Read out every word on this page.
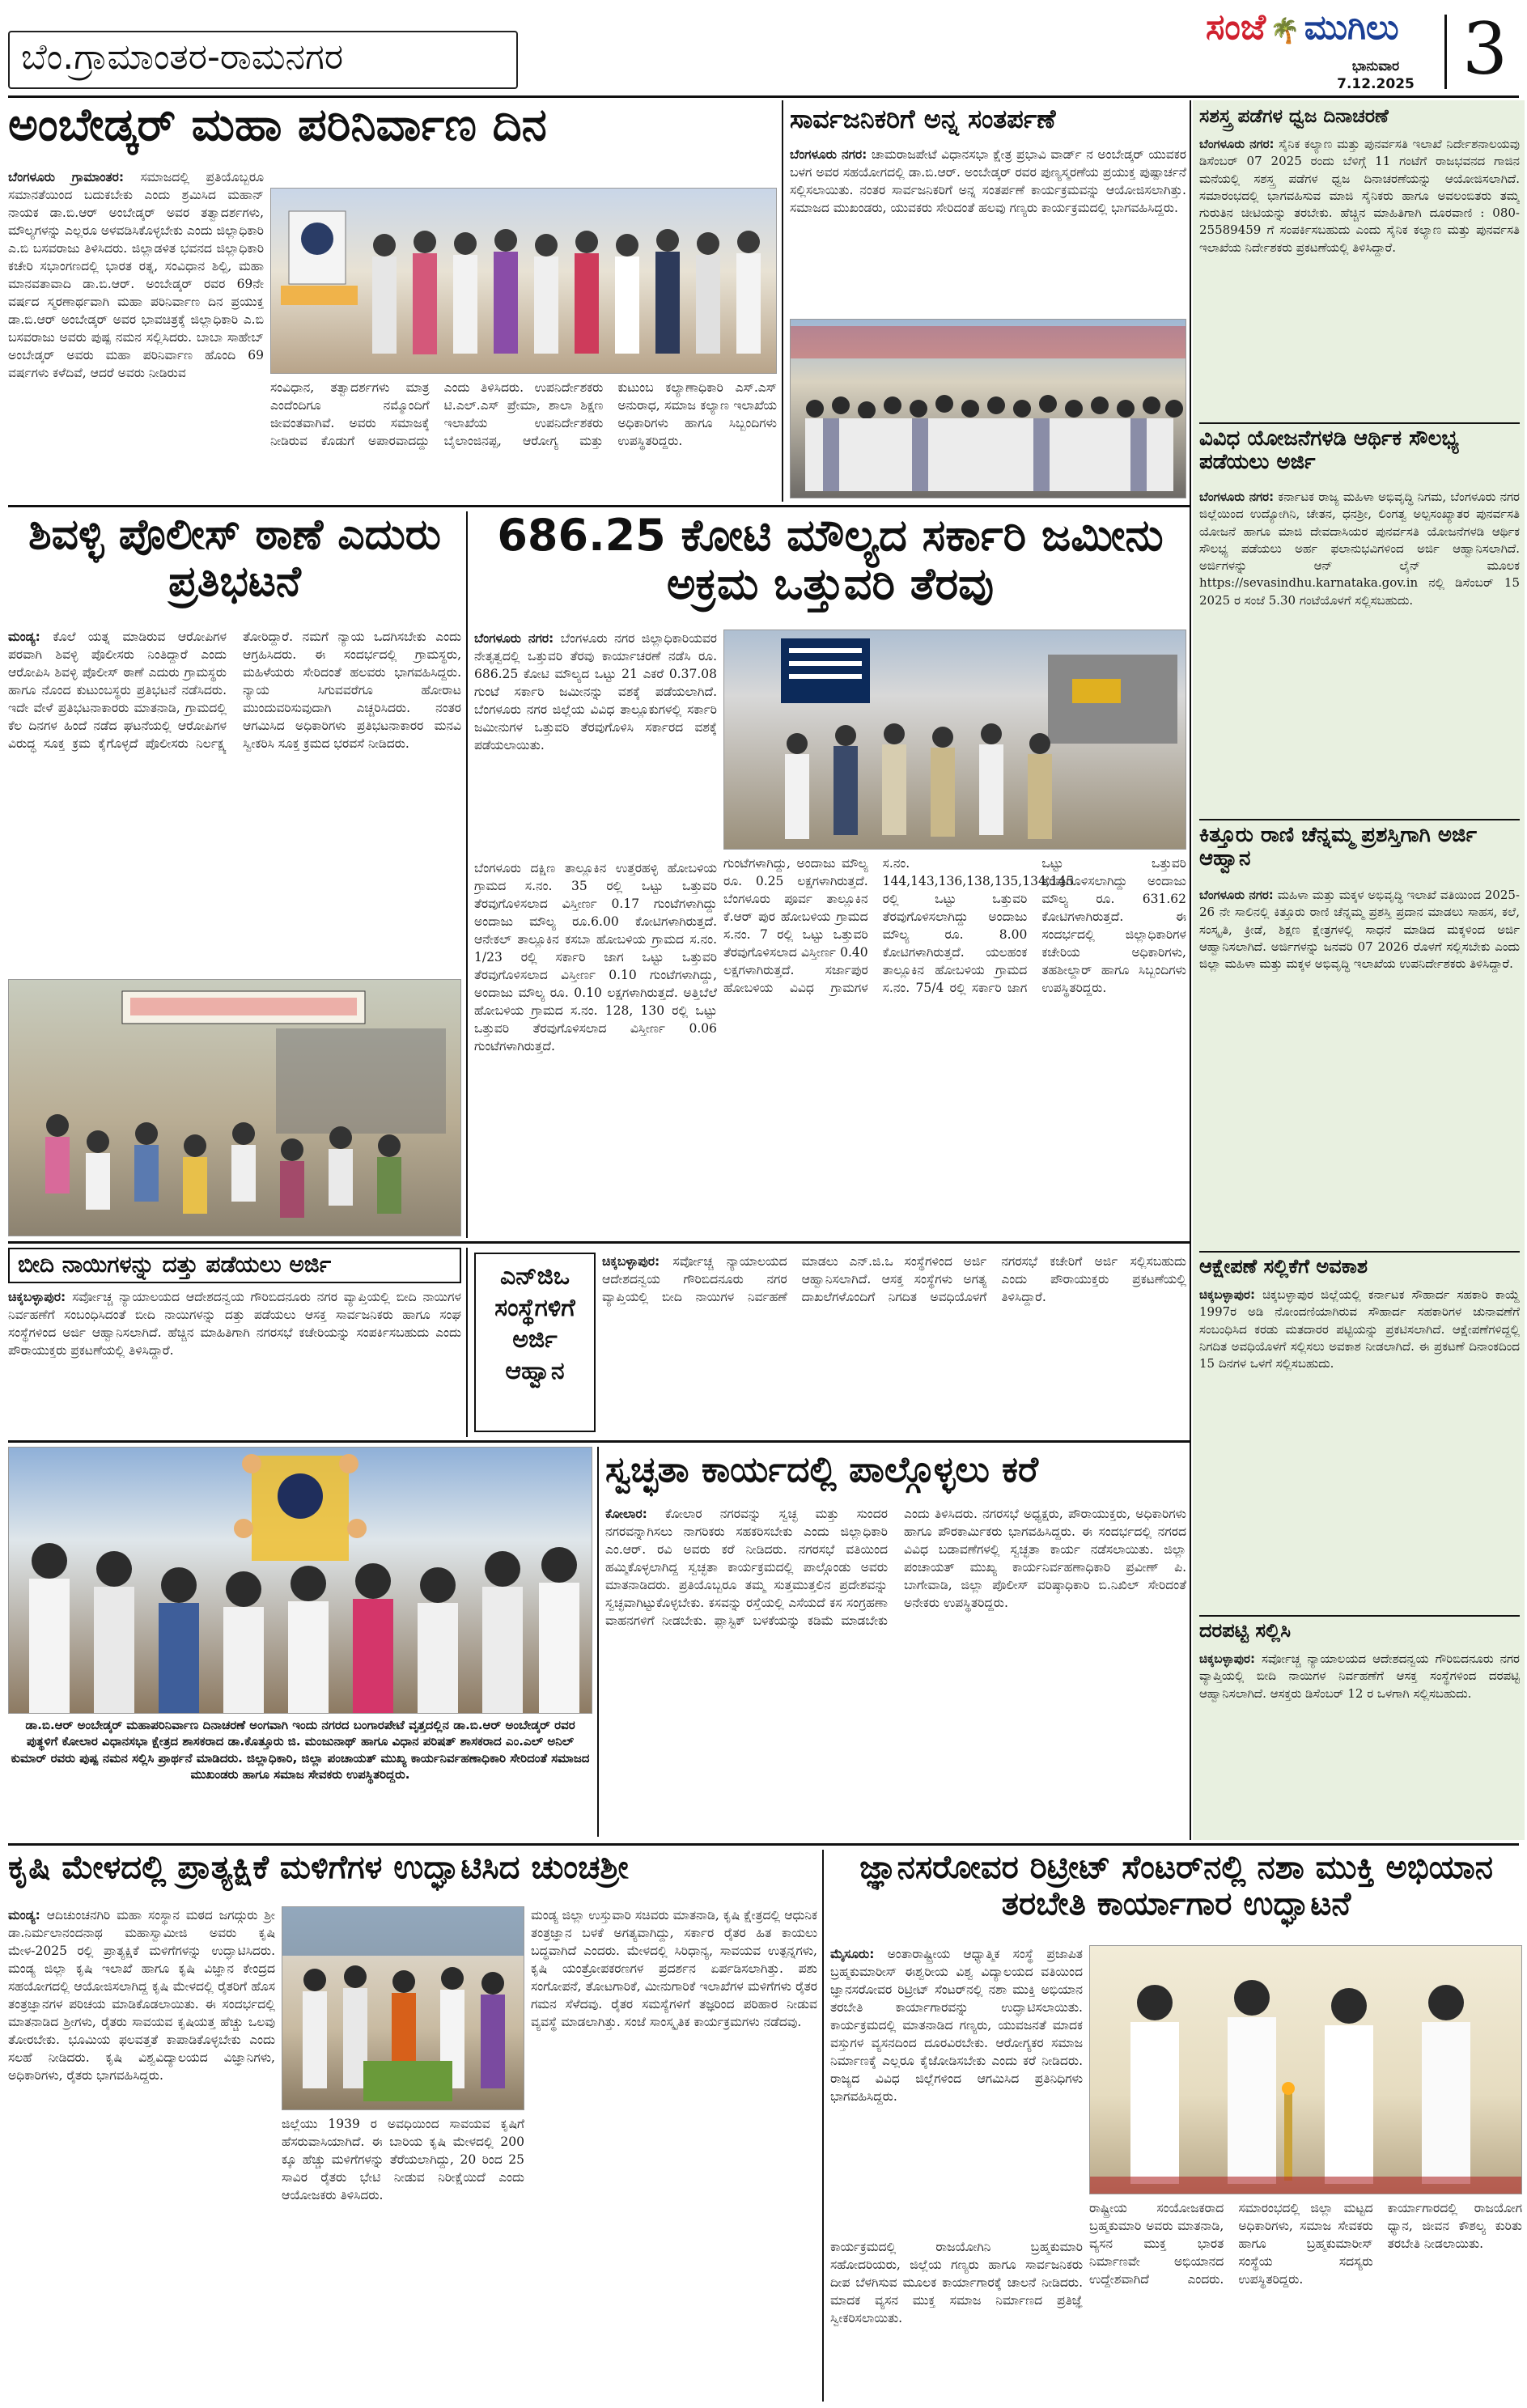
ಬೆಂ.ಗ್ರಾಮಾಂತರ-ರಾಮನಗರ
ಸಂಜೆ 🌴 ಮುಗಿಲು
ಭಾನುವಾರ
7.12.2025 3
ಅಂಬೇಡ್ಕರ್ ಮಹಾ ಪರಿನಿರ್ವಾಣ ದಿನ

ಬೆಂಗಳೂರು ಗ್ರಾಮಾಂತರ: ಸಮಾಜದಲ್ಲಿ ಪ್ರತಿಯೊಬ್ಬರೂ ಸಮಾನತೆಯಿಂದ ಬದುಕಬೇಕು ಎಂದು ಶ್ರಮಿಸಿದ ಮಹಾನ್ ನಾಯಕ ಡಾ.ಬಿ.ಆರ್ ಅಂಬೇಡ್ಕರ್ ಅವರ ತತ್ವಾದರ್ಶಗಳು, ಮೌಲ್ಯಗಳನ್ನು ಎಲ್ಲರೂ ಅಳವಡಿಸಿಕೊಳ್ಳಬೇಕು ಎಂದು ಜಿಲ್ಲಾಧಿಕಾರಿ ಎ.ಬಿ ಬಸವರಾಜು ತಿಳಿಸಿದರು. ಜಿಲ್ಲಾಡಳಿತ ಭವನದ ಜಿಲ್ಲಾಧಿಕಾರಿ ಕಚೇರಿ ಸಭಾಂಗಣದಲ್ಲಿ ಭಾರತ ರತ್ನ, ಸಂವಿಧಾನ ಶಿಲ್ಪಿ, ಮಹಾ ಮಾನವತಾವಾದಿ ಡಾ.ಬಿ.ಆರ್. ಅಂಬೇಡ್ಕರ್ ರವರ 69ನೇ ವರ್ಷದ ಸ್ಮರಣಾರ್ಥವಾಗಿ ಮಹಾ ಪರಿನಿರ್ವಾಣ ದಿನ ಪ್ರಯುಕ್ತ ಡಾ.ಬಿ.ಆರ್ ಅಂಬೇಡ್ಕರ್ ಅವರ ಭಾವಚಿತ್ರಕ್ಕೆ ಜಿಲ್ಲಾಧಿಕಾರಿ ಎ.ಬಿ ಬಸವರಾಜು ಅವರು ಪುಷ್ಪ ನಮನ ಸಲ್ಲಿಸಿದರು. ಬಾಬಾ ಸಾಹೇಬ್ ಅಂಬೇಡ್ಕರ್ ಅವರು ಮಹಾ ಪರಿನಿರ್ವಾಣ ಹೊಂದಿ 69 ವರ್ಷಗಳು ಕಳೆದಿವೆ, ಆದರೆ ಅವರು ನೀಡಿರುವ

ಸಂವಿಧಾನ, ತತ್ವಾದರ್ಶಗಳು ಮಾತ್ರ ಎಂದೆಂದಿಗೂ ನಮ್ಮೊಂದಿಗೆ ಜೀವಂತವಾಗಿವೆ. ಅವರು ಸಮಾಜಕ್ಕೆ ನೀಡಿರುವ ಕೊಡುಗೆ ಅಪಾರವಾದದ್ದು ಎಂದು ತಿಳಿಸಿದರು. ಉಪನಿರ್ದೇಶಕರು ಟಿ.ಎಲ್.ಎಸ್ ಪ್ರೇಮಾ, ಶಾಲಾ ಶಿಕ್ಷಣ ಇಲಾಖೆಯ ಉಪನಿರ್ದೇಶಕರು ಬೈಲಾಂಜಿನಪ್ಪ, ಆರೋಗ್ಯ ಮತ್ತು ಕುಟುಂಬ ಕಲ್ಯಾಣಾಧಿಕಾರಿ ಎಸ್.ಎಸ್ ಅನುರಾಧ, ಸಮಾಜ ಕಲ್ಯಾಣ ಇಲಾಖೆಯ ಅಧಿಕಾರಿಗಳು ಹಾಗೂ ಸಿಬ್ಬಂದಿಗಳು ಉಪಸ್ಥಿತರಿದ್ದರು.
ಸಾರ್ವಜನಿಕರಿಗೆ ಅನ್ನ ಸಂತರ್ಪಣೆ

ಬೆಂಗಳೂರು ನಗರ: ಚಾಮರಾಜಪೇಟೆ ವಿಧಾನಸಭಾ ಕ್ಷೇತ್ರ ಪ್ರಭಾವಿ ವಾರ್ಡ್ ನ ಅಂಬೇಡ್ಕರ್ ಯುವಕರ ಬಳಗ ಅವರ ಸಹಯೋಗದಲ್ಲಿ ಡಾ.ಬಿ.ಆರ್. ಅಂಬೇಡ್ಕರ್ ರವರ ಪುಣ್ಯಸ್ಮರಣೆಯ ಪ್ರಯುಕ್ತ ಪುಷ್ಪಾರ್ಚನೆ ಸಲ್ಲಿಸಲಾಯಿತು. ನಂತರ ಸಾರ್ವಜನಿಕರಿಗೆ ಅನ್ನ ಸಂತರ್ಪಣೆ ಕಾರ್ಯಕ್ರಮವನ್ನು ಆಯೋಜಿಸಲಾಗಿತ್ತು. ಸಮಾಜದ ಮುಖಂಡರು, ಯುವಕರು ಸೇರಿದಂತೆ ಹಲವು ಗಣ್ಯರು ಕಾರ್ಯಕ್ರಮದಲ್ಲಿ ಭಾಗವಹಿಸಿದ್ದರು.

ಸಶಸ್ತ್ರ ಪಡೆಗಳ ಧ್ವಜ ದಿನಾಚರಣೆ

ಬೆಂಗಳೂರು ನಗರ: ಸೈನಿಕ ಕಲ್ಯಾಣ ಮತ್ತು ಪುನರ್ವಸತಿ ಇಲಾಖೆ ನಿರ್ದೇಶನಾಲಯವು ಡಿಸೆಂಬರ್ 07 2025 ರಂದು ಬೆಳಿಗ್ಗೆ 11 ಗಂಟೆಗೆ ರಾಜಭವನದ ಗಾಜಿನ ಮನೆಯಲ್ಲಿ ಸಶಸ್ತ್ರ ಪಡೆಗಳ ಧ್ವಜ ದಿನಾಚರಣೆಯನ್ನು ಆಯೋಜಿಸಲಾಗಿದೆ. ಸಮಾರಂಭದಲ್ಲಿ ಭಾಗವಹಿಸುವ ಮಾಜಿ ಸೈನಿಕರು ಹಾಗೂ ಅವಲಂಬಿತರು ತಮ್ಮ ಗುರುತಿನ ಚೀಟಿಯನ್ನು ತರಬೇಕು. ಹೆಚ್ಚಿನ ಮಾಹಿತಿಗಾಗಿ ದೂರವಾಣಿ : 080-25589459 ಗೆ ಸಂಪರ್ಕಿಸಬಹುದು ಎಂದು ಸೈನಿಕ ಕಲ್ಯಾಣ ಮತ್ತು ಪುನರ್ವಸತಿ ಇಲಾಖೆಯ ನಿರ್ದೇಶಕರು ಪ್ರಕಟಣೆಯಲ್ಲಿ ತಿಳಿಸಿದ್ದಾರೆ.

ವಿವಿಧ ಯೋಜನೆಗಳಡಿ ಆರ್ಥಿಕ ಸೌಲಭ್ಯ ಪಡೆಯಲು ಅರ್ಜಿ

ಬೆಂಗಳೂರು ನಗರ: ಕರ್ನಾಟಕ ರಾಜ್ಯ ಮಹಿಳಾ ಅಭಿವೃದ್ಧಿ ನಿಗಮ, ಬೆಂಗಳೂರು ನಗರ ಜಿಲ್ಲೆಯಿಂದ ಉದ್ಯೋಗಿನಿ, ಚೇತನ, ಧನಶ್ರೀ, ಲಿಂಗತ್ವ ಅಲ್ಪಸಂಖ್ಯಾತರ ಪುನರ್ವಸತಿ ಯೋಜನೆ ಹಾಗೂ ಮಾಜಿ ದೇವದಾಸಿಯರ ಪುನರ್ವಸತಿ ಯೋಜನೆಗಳಡಿ ಆರ್ಥಿಕ ಸೌಲಭ್ಯ ಪಡೆಯಲು ಅರ್ಹ ಫಲಾನುಭವಿಗಳಿಂದ ಅರ್ಜಿ ಆಹ್ವಾನಿಸಲಾಗಿದೆ. ಅರ್ಜಿಗಳನ್ನು ಆನ್ ಲೈನ್ ಮೂಲಕ https://sevasindhu.karnataka.gov.in ನಲ್ಲಿ ಡಿಸೆಂಬರ್ 15 2025 ರ ಸಂಜೆ 5.30 ಗಂಟೆಯೊಳಗೆ ಸಲ್ಲಿಸಬಹುದು.

ಕಿತ್ತೂರು ರಾಣಿ ಚೆನ್ನಮ್ಮ ಪ್ರಶಸ್ತಿಗಾಗಿ ಅರ್ಜಿ ಆಹ್ವಾನ

ಬೆಂಗಳೂರು ನಗರ: ಮಹಿಳಾ ಮತ್ತು ಮಕ್ಕಳ ಅಭಿವೃದ್ಧಿ ಇಲಾಖೆ ವತಿಯಿಂದ 2025-26 ನೇ ಸಾಲಿನಲ್ಲಿ ಕಿತ್ತೂರು ರಾಣಿ ಚೆನ್ನಮ್ಮ ಪ್ರಶಸ್ತಿ ಪ್ರದಾನ ಮಾಡಲು ಸಾಹಸ, ಕಲೆ, ಸಂಸ್ಕೃತಿ, ಕ್ರೀಡೆ, ಶಿಕ್ಷಣ ಕ್ಷೇತ್ರಗಳಲ್ಲಿ ಸಾಧನೆ ಮಾಡಿದ ಮಕ್ಕಳಿಂದ ಅರ್ಜಿ ಆಹ್ವಾನಿಸಲಾಗಿದೆ. ಅರ್ಜಿಗಳನ್ನು ಜನವರಿ 07 2026 ರೊಳಗೆ ಸಲ್ಲಿಸಬೇಕು ಎಂದು ಜಿಲ್ಲಾ ಮಹಿಳಾ ಮತ್ತು ಮಕ್ಕಳ ಅಭಿವೃದ್ಧಿ ಇಲಾಖೆಯ ಉಪನಿರ್ದೇಶಕರು ತಿಳಿಸಿದ್ದಾರೆ.

ಆಕ್ಷೇಪಣೆ ಸಲ್ಲಿಕೆಗೆ ಅವಕಾಶ

ಚಿಕ್ಕಬಳ್ಳಾಪುರ: ಚಿಕ್ಕಬಳ್ಳಾಪುರ ಜಿಲ್ಲೆಯಲ್ಲಿ ಕರ್ನಾಟಕ ಸೌಹಾರ್ದ ಸಹಕಾರಿ ಕಾಯ್ದೆ 1997ರ ಅಡಿ ನೋಂದಣಿಯಾಗಿರುವ ಸೌಹಾರ್ದ ಸಹಕಾರಿಗಳ ಚುನಾವಣೆಗೆ ಸಂಬಂಧಿಸಿದ ಕರಡು ಮತದಾರರ ಪಟ್ಟಿಯನ್ನು ಪ್ರಕಟಿಸಲಾಗಿದೆ. ಆಕ್ಷೇಪಣೆಗಳಿದ್ದಲ್ಲಿ ನಿಗದಿತ ಅವಧಿಯೊಳಗೆ ಸಲ್ಲಿಸಲು ಅವಕಾಶ ನೀಡಲಾಗಿದೆ. ಈ ಪ್ರಕಟಣೆ ದಿನಾಂಕದಿಂದ 15 ದಿನಗಳ ಒಳಗೆ ಸಲ್ಲಿಸಬಹುದು.

ದರಪಟ್ಟಿ ಸಲ್ಲಿಸಿ

ಚಿಕ್ಕಬಳ್ಳಾಪುರ: ಸರ್ವೋಚ್ಚ ನ್ಯಾಯಾಲಯದ ಆದೇಶದನ್ವಯ ಗೌರಿಬಿದನೂರು ನಗರ ವ್ಯಾಪ್ತಿಯಲ್ಲಿ ಬೀದಿ ನಾಯಿಗಳ ನಿರ್ವಹಣೆಗೆ ಆಸಕ್ತ ಸಂಸ್ಥೆಗಳಿಂದ ದರಪಟ್ಟಿ ಆಹ್ವಾನಿಸಲಾಗಿದೆ. ಆಸಕ್ತರು ಡಿಸೆಂಬರ್ 12 ರ ಒಳಗಾಗಿ ಸಲ್ಲಿಸಬಹುದು.

ಶಿವಳ್ಳಿ ಪೊಲೀಸ್ ಠಾಣೆ ಎದುರು ಪ್ರತಿಭಟನೆ

ಮಂಡ್ಯ: ಕೊಲೆ ಯತ್ನ ಮಾಡಿರುವ ಆರೋಪಿಗಳ ಪರವಾಗಿ ಶಿವಳ್ಳಿ ಪೊಲೀಸರು ನಿಂತಿದ್ದಾರೆ ಎಂದು ಆರೋಪಿಸಿ ಶಿವಳ್ಳಿ ಪೊಲೀಸ್ ಠಾಣೆ ಎದುರು ಗ್ರಾಮಸ್ಥರು ಹಾಗೂ ನೊಂದ ಕುಟುಂಬಸ್ಥರು ಪ್ರತಿಭಟನೆ ನಡೆಸಿದರು. ಇದೇ ವೇಳೆ ಪ್ರತಿಭಟನಾಕಾರರು ಮಾತನಾಡಿ, ಗ್ರಾಮದಲ್ಲಿ ಕೆಲ ದಿನಗಳ ಹಿಂದೆ ನಡೆದ ಘಟನೆಯಲ್ಲಿ ಆರೋಪಿಗಳ ವಿರುದ್ಧ ಸೂಕ್ತ ಕ್ರಮ ಕೈಗೊಳ್ಳದೆ ಪೊಲೀಸರು ನಿರ್ಲಕ್ಷ್ಯ ತೋರಿದ್ದಾರೆ. ನಮಗೆ ನ್ಯಾಯ ಒದಗಿಸಬೇಕು ಎಂದು ಆಗ್ರಹಿಸಿದರು. ಈ ಸಂದರ್ಭದಲ್ಲಿ ಗ್ರಾಮಸ್ಥರು, ಮಹಿಳೆಯರು ಸೇರಿದಂತೆ ಹಲವರು ಭಾಗವಹಿಸಿದ್ದರು. ನ್ಯಾಯ ಸಿಗುವವರೆಗೂ ಹೋರಾಟ ಮುಂದುವರಿಸುವುದಾಗಿ ಎಚ್ಚರಿಸಿದರು. ನಂತರ ಆಗಮಿಸಿದ ಅಧಿಕಾರಿಗಳು ಪ್ರತಿಭಟನಾಕಾರರ ಮನವಿ ಸ್ವೀಕರಿಸಿ ಸೂಕ್ತ ಕ್ರಮದ ಭರವಸೆ ನೀಡಿದರು.

686.25 ಕೋಟಿ ಮೌಲ್ಯದ ಸರ್ಕಾರಿ ಜಮೀನು ಅಕ್ರಮ ಒತ್ತುವರಿ ತೆರವು

ಬೆಂಗಳೂರು ನಗರ: ಬೆಂಗಳೂರು ನಗರ ಜಿಲ್ಲಾಧಿಕಾರಿಯವರ ನೇತೃತ್ವದಲ್ಲಿ ಒತ್ತುವರಿ ತೆರವು ಕಾರ್ಯಾಚರಣೆ ನಡೆಸಿ ರೂ. 686.25 ಕೋಟಿ ಮೌಲ್ಯದ ಒಟ್ಟು 21 ಎಕರೆ 0.37.08 ಗುಂಟೆ ಸರ್ಕಾರಿ ಜಮೀನನ್ನು ವಶಕ್ಕೆ ಪಡೆಯಲಾಗಿದೆ. ಬೆಂಗಳೂರು ನಗರ ಜಿಲ್ಲೆಯ ವಿವಿಧ ತಾಲ್ಲೂಕುಗಳಲ್ಲಿ ಸರ್ಕಾರಿ ಜಮೀನುಗಳ ಒತ್ತುವರಿ ತೆರವುಗೊಳಿಸಿ ಸರ್ಕಾರದ ವಶಕ್ಕೆ ಪಡೆಯಲಾಯಿತು.

ಗುಂಟೆಗಳಾಗಿದ್ದು, ಅಂದಾಜು ಮೌಲ್ಯ ರೂ. 0.25 ಲಕ್ಷಗಳಾಗಿರುತ್ತದೆ. ಬೆಂಗಳೂರು ಪೂರ್ವ ತಾಲ್ಲೂಕಿನ ಕೆ.ಆರ್ ಪುರ ಹೋಬಳಿಯ ಗ್ರಾಮದ ಸ.ನಂ. 7 ರಲ್ಲಿ ಒಟ್ಟು ಒತ್ತುವರಿ ತೆರವುಗೊಳಿಸಲಾದ ವಿಸ್ತೀರ್ಣ 0.40 ಲಕ್ಷಗಳಾಗಿರುತ್ತದೆ. ಸರ್ಜಾಪುರ ಹೋಬಳಿಯ ವಿವಿಧ ಗ್ರಾಮಗಳ ಸ.ನಂ. 144,143,136,138,135,134,145 ರಲ್ಲಿ ಒಟ್ಟು ಒತ್ತುವರಿ ತೆರವುಗೊಳಿಸಲಾಗಿದ್ದು ಅಂದಾಜು ಮೌಲ್ಯ ರೂ. 8.00 ಕೋಟಿಗಳಾಗಿರುತ್ತದೆ. ಯಲಹಂಕ ತಾಲ್ಲೂಕಿನ ಹೋಬಳಿಯ ಗ್ರಾಮದ ಸ.ನಂ. 75/4 ರಲ್ಲಿ ಸರ್ಕಾರಿ ಜಾಗ ಒಟ್ಟು ಒತ್ತುವರಿ ತೆರವುಗೊಳಿಸಲಾಗಿದ್ದು ಅಂದಾಜು ಮೌಲ್ಯ ರೂ. 631.62 ಕೋಟಿಗಳಾಗಿರುತ್ತದೆ. ಈ ಸಂದರ್ಭದಲ್ಲಿ ಜಿಲ್ಲಾಧಿಕಾರಿಗಳ ಕಚೇರಿಯ ಅಧಿಕಾರಿಗಳು, ತಹಶೀಲ್ದಾರ್ ಹಾಗೂ ಸಿಬ್ಬಂದಿಗಳು ಉಪಸ್ಥಿತರಿದ್ದರು.

ಬೆಂಗಳೂರು ದಕ್ಷಿಣ ತಾಲ್ಲೂಕಿನ ಉತ್ತರಹಳ್ಳಿ ಹೋಬಳಿಯ ಗ್ರಾಮದ ಸ.ನಂ. 35 ರಲ್ಲಿ ಒಟ್ಟು ಒತ್ತುವರಿ ತೆರವುಗೊಳಿಸಲಾದ ವಿಸ್ತೀರ್ಣ 0.17 ಗುಂಟೆಗಳಾಗಿದ್ದು ಅಂದಾಜು ಮೌಲ್ಯ ರೂ.6.00 ಕೋಟಿಗಳಾಗಿರುತ್ತದೆ. ಆನೇಕಲ್ ತಾಲ್ಲೂಕಿನ ಕಸಬಾ ಹೋಬಳಿಯ ಗ್ರಾಮದ ಸ.ನಂ. 1/23 ರಲ್ಲಿ ಸರ್ಕಾರಿ ಜಾಗ ಒಟ್ಟು ಒತ್ತುವರಿ ತೆರವುಗೊಳಿಸಲಾದ ವಿಸ್ತೀರ್ಣ 0.10 ಗುಂಟೆಗಳಾಗಿದ್ದು, ಅಂದಾಜು ಮೌಲ್ಯ ರೂ. 0.10 ಲಕ್ಷಗಳಾಗಿರುತ್ತದೆ. ಅತ್ತಿಬೆಲೆ ಹೋಬಳಿಯ ಗ್ರಾಮದ ಸ.ನಂ. 128, 130 ರಲ್ಲಿ ಒಟ್ಟು ಒತ್ತುವರಿ ತೆರವುಗೊಳಿಸಲಾದ ವಿಸ್ತೀರ್ಣ 0.06 ಗುಂಟೆಗಳಾಗಿರುತ್ತದೆ.

ಬೀದಿ ನಾಯಿಗಳನ್ನು ದತ್ತು ಪಡೆಯಲು ಅರ್ಜಿ

ಚಿಕ್ಕಬಳ್ಳಾಪುರ: ಸರ್ವೋಚ್ಚ ನ್ಯಾಯಾಲಯದ ಆದೇಶದನ್ವಯ ಗೌರಿಬಿದನೂರು ನಗರ ವ್ಯಾಪ್ತಿಯಲ್ಲಿ ಬೀದಿ ನಾಯಿಗಳ ನಿರ್ವಹಣೆಗೆ ಸಂಬಂಧಿಸಿದಂತೆ ಬೀದಿ ನಾಯಿಗಳನ್ನು ದತ್ತು ಪಡೆಯಲು ಆಸಕ್ತ ಸಾರ್ವಜನಿಕರು ಹಾಗೂ ಸಂಘ ಸಂಸ್ಥೆಗಳಿಂದ ಅರ್ಜಿ ಆಹ್ವಾನಿಸಲಾಗಿದೆ. ಹೆಚ್ಚಿನ ಮಾಹಿತಿಗಾಗಿ ನಗರಸಭೆ ಕಚೇರಿಯನ್ನು ಸಂಪರ್ಕಿಸಬಹುದು ಎಂದು ಪೌರಾಯುಕ್ತರು ಪ್ರಕಟಣೆಯಲ್ಲಿ ತಿಳಿಸಿದ್ದಾರೆ.

ಎನ್‌ಜಿಒ ಸಂಸ್ಥೆಗಳಿಗೆ ಅರ್ಜಿ ಆಹ್ವಾನ

ಚಿಕ್ಕಬಳ್ಳಾಪುರ: ಸರ್ವೋಚ್ಚ ನ್ಯಾಯಾಲಯದ ಆದೇಶದನ್ವಯ ಗೌರಿಬಿದನೂರು ನಗರ ವ್ಯಾಪ್ತಿಯಲ್ಲಿ ಬೀದಿ ನಾಯಿಗಳ ನಿರ್ವಹಣೆ ಮಾಡಲು ಎನ್.ಜಿ.ಒ ಸಂಸ್ಥೆಗಳಿಂದ ಅರ್ಜಿ ಆಹ್ವಾನಿಸಲಾಗಿದೆ. ಆಸಕ್ತ ಸಂಸ್ಥೆಗಳು ಅಗತ್ಯ ದಾಖಲೆಗಳೊಂದಿಗೆ ನಿಗದಿತ ಅವಧಿಯೊಳಗೆ ನಗರಸಭೆ ಕಚೇರಿಗೆ ಅರ್ಜಿ ಸಲ್ಲಿಸಬಹುದು ಎಂದು ಪೌರಾಯುಕ್ತರು ಪ್ರಕಟಣೆಯಲ್ಲಿ ತಿಳಿಸಿದ್ದಾರೆ.

ಡಾ.ಬಿ.ಆರ್ ಅಂಬೇಡ್ಕರ್ ಮಹಾಪರಿನಿರ್ವಾಣ ದಿನಾಚರಣೆ ಅಂಗವಾಗಿ ಇಂದು ನಗರದ ಬಂಗಾರಪೇಟೆ ವೃತ್ತದಲ್ಲಿನ ಡಾ.ಬಿ.ಆರ್ ಅಂಬೇಡ್ಕರ್ ರವರ ಪುತ್ಥಳಿಗೆ ಕೋಲಾರ ವಿಧಾನಸಭಾ ಕ್ಷೇತ್ರದ ಶಾಸಕರಾದ ಡಾ.ಕೊತ್ತೂರು ಜಿ. ಮಂಜುನಾಥ್ ಹಾಗೂ ವಿಧಾನ ಪರಿಷತ್ ಶಾಸಕರಾದ ಎಂ.ಎಲ್ ಅನಿಲ್ ಕುಮಾರ್ ರವರು ಪುಷ್ಪ ನಮನ ಸಲ್ಲಿಸಿ ಪ್ರಾರ್ಥನೆ ಮಾಡಿದರು. ಜಿಲ್ಲಾಧಿಕಾರಿ, ಜಿಲ್ಲಾ ಪಂಚಾಯತ್ ಮುಖ್ಯ ಕಾರ್ಯನಿರ್ವಹಣಾಧಿಕಾರಿ ಸೇರಿದಂತೆ ಸಮಾಜದ ಮುಖಂಡರು ಹಾಗೂ ಸಮಾಜ ಸೇವಕರು ಉಪಸ್ಥಿತರಿದ್ದರು.
ಸ್ವಚ್ಛತಾ ಕಾರ್ಯದಲ್ಲಿ ಪಾಲ್ಗೊಳ್ಳಲು ಕರೆ

ಕೋಲಾರ: ಕೋಲಾರ ನಗರವನ್ನು ಸ್ವಚ್ಛ ಮತ್ತು ಸುಂದರ ನಗರವನ್ನಾಗಿಸಲು ನಾಗರಿಕರು ಸಹಕರಿಸಬೇಕು ಎಂದು ಜಿಲ್ಲಾಧಿಕಾರಿ ಎಂ.ಆರ್. ರವಿ ಅವರು ಕರೆ ನೀಡಿದರು. ನಗರಸಭೆ ವತಿಯಿಂದ ಹಮ್ಮಿಕೊಳ್ಳಲಾಗಿದ್ದ ಸ್ವಚ್ಛತಾ ಕಾರ್ಯಕ್ರಮದಲ್ಲಿ ಪಾಲ್ಗೊಂಡು ಅವರು ಮಾತನಾಡಿದರು. ಪ್ರತಿಯೊಬ್ಬರೂ ತಮ್ಮ ಸುತ್ತಮುತ್ತಲಿನ ಪ್ರದೇಶವನ್ನು ಸ್ವಚ್ಛವಾಗಿಟ್ಟುಕೊಳ್ಳಬೇಕು. ಕಸವನ್ನು ರಸ್ತೆಯಲ್ಲಿ ಎಸೆಯದೆ ಕಸ ಸಂಗ್ರಹಣಾ ವಾಹನಗಳಿಗೆ ನೀಡಬೇಕು. ಪ್ಲಾಸ್ಟಿಕ್ ಬಳಕೆಯನ್ನು ಕಡಿಮೆ ಮಾಡಬೇಕು ಎಂದು ತಿಳಿಸಿದರು. ನಗರಸಭೆ ಅಧ್ಯಕ್ಷರು, ಪೌರಾಯುಕ್ತರು, ಅಧಿಕಾರಿಗಳು ಹಾಗೂ ಪೌರಕಾರ್ಮಿಕರು ಭಾಗವಹಿಸಿದ್ದರು. ಈ ಸಂದರ್ಭದಲ್ಲಿ ನಗರದ ವಿವಿಧ ಬಡಾವಣೆಗಳಲ್ಲಿ ಸ್ವಚ್ಛತಾ ಕಾರ್ಯ ನಡೆಸಲಾಯಿತು. ಜಿಲ್ಲಾ ಪಂಚಾಯತ್ ಮುಖ್ಯ ಕಾರ್ಯನಿರ್ವಹಣಾಧಿಕಾರಿ ಪ್ರವೀಣ್ ಪಿ. ಬಾಗೇವಾಡಿ, ಜಿಲ್ಲಾ ಪೊಲೀಸ್ ವರಿಷ್ಠಾಧಿಕಾರಿ ಬಿ.ನಿಖಿಲ್ ಸೇರಿದಂತೆ ಅನೇಕರು ಉಪಸ್ಥಿತರಿದ್ದರು.

ಕೃಷಿ ಮೇಳದಲ್ಲಿ ಪ್ರಾತ್ಯಕ್ಷಿಕೆ ಮಳಿಗೆಗಳ ಉದ್ಘಾಟಿಸಿದ ಚುಂಚಶ್ರೀ

ಮಂಡ್ಯ: ಆದಿಚುಂಚನಗಿರಿ ಮಹಾ ಸಂಸ್ಥಾನ ಮಠದ ಜಗದ್ಗುರು ಶ್ರೀ ಡಾ.ನಿರ್ಮಲಾನಂದನಾಥ ಮಹಾಸ್ವಾಮೀಜಿ ಅವರು ಕೃಷಿ ಮೇಳ-2025 ರಲ್ಲಿ ಪ್ರಾತ್ಯಕ್ಷಿಕೆ ಮಳಿಗೆಗಳನ್ನು ಉದ್ಘಾಟಿಸಿದರು. ಮಂಡ್ಯ ಜಿಲ್ಲಾ ಕೃಷಿ ಇಲಾಖೆ ಹಾಗೂ ಕೃಷಿ ವಿಜ್ಞಾನ ಕೇಂದ್ರದ ಸಹಯೋಗದಲ್ಲಿ ಆಯೋಜಿಸಲಾಗಿದ್ದ ಕೃಷಿ ಮೇಳದಲ್ಲಿ ರೈತರಿಗೆ ಹೊಸ ತಂತ್ರಜ್ಞಾನಗಳ ಪರಿಚಯ ಮಾಡಿಕೊಡಲಾಯಿತು. ಈ ಸಂದರ್ಭದಲ್ಲಿ ಮಾತನಾಡಿದ ಶ್ರೀಗಳು, ರೈತರು ಸಾವಯವ ಕೃಷಿಯತ್ತ ಹೆಚ್ಚು ಒಲವು ತೋರಬೇಕು. ಭೂಮಿಯ ಫಲವತ್ತತೆ ಕಾಪಾಡಿಕೊಳ್ಳಬೇಕು ಎಂದು ಸಲಹೆ ನೀಡಿದರು. ಕೃಷಿ ವಿಶ್ವವಿದ್ಯಾಲಯದ ವಿಜ್ಞಾನಿಗಳು, ಅಧಿಕಾರಿಗಳು, ರೈತರು ಭಾಗವಹಿಸಿದ್ದರು.

ಜಿಲ್ಲೆಯು 1939 ರ ಅವಧಿಯಿಂದ ಸಾವಯವ ಕೃಷಿಗೆ ಹೆಸರುವಾಸಿಯಾಗಿದೆ. ಈ ಬಾರಿಯ ಕೃಷಿ ಮೇಳದಲ್ಲಿ 200 ಕ್ಕೂ ಹೆಚ್ಚು ಮಳಿಗೆಗಳನ್ನು ತೆರೆಯಲಾಗಿದ್ದು, 20 ರಿಂದ 25 ಸಾವಿರ ರೈತರು ಭೇಟಿ ನೀಡುವ ನಿರೀಕ್ಷೆಯಿದೆ ಎಂದು ಆಯೋಜಕರು ತಿಳಿಸಿದರು.

ಮಂಡ್ಯ ಜಿಲ್ಲಾ ಉಸ್ತುವಾರಿ ಸಚಿವರು ಮಾತನಾಡಿ, ಕೃಷಿ ಕ್ಷೇತ್ರದಲ್ಲಿ ಆಧುನಿಕ ತಂತ್ರಜ್ಞಾನ ಬಳಕೆ ಅಗತ್ಯವಾಗಿದ್ದು, ಸರ್ಕಾರ ರೈತರ ಹಿತ ಕಾಯಲು ಬದ್ಧವಾಗಿದೆ ಎಂದರು. ಮೇಳದಲ್ಲಿ ಸಿರಿಧಾನ್ಯ, ಸಾವಯವ ಉತ್ಪನ್ನಗಳು, ಕೃಷಿ ಯಂತ್ರೋಪಕರಣಗಳ ಪ್ರದರ್ಶನ ಏರ್ಪಡಿಸಲಾಗಿತ್ತು. ಪಶು ಸಂಗೋಪನೆ, ತೋಟಗಾರಿಕೆ, ಮೀನುಗಾರಿಕೆ ಇಲಾಖೆಗಳ ಮಳಿಗೆಗಳು ರೈತರ ಗಮನ ಸೆಳೆದವು. ರೈತರ ಸಮಸ್ಯೆಗಳಿಗೆ ತಜ್ಞರಿಂದ ಪರಿಹಾರ ನೀಡುವ ವ್ಯವಸ್ಥೆ ಮಾಡಲಾಗಿತ್ತು. ಸಂಜೆ ಸಾಂಸ್ಕೃತಿಕ ಕಾರ್ಯಕ್ರಮಗಳು ನಡೆದವು.

ಜ್ಞಾನಸರೋವರ ರಿಟ್ರೀಟ್ ಸೆಂಟರ್‌ನಲ್ಲಿ ನಶಾ ಮುಕ್ತಿ ಅಭಿಯಾನ ತರಬೇತಿ ಕಾರ್ಯಾಗಾರ ಉದ್ಘಾಟನೆ

ಮೈಸೂರು: ಅಂತಾರಾಷ್ಟ್ರೀಯ ಆಧ್ಯಾತ್ಮಿಕ ಸಂಸ್ಥೆ ಪ್ರಜಾಪಿತ ಬ್ರಹ್ಮಕುಮಾರೀಸ್ ಈಶ್ವರೀಯ ವಿಶ್ವ ವಿದ್ಯಾಲಯದ ವತಿಯಿಂದ ಜ್ಞಾನಸರೋವರ ರಿಟ್ರೀಟ್ ಸೆಂಟರ್‌ನಲ್ಲಿ ನಶಾ ಮುಕ್ತಿ ಅಭಿಯಾನ ತರಬೇತಿ ಕಾರ್ಯಾಗಾರವನ್ನು ಉದ್ಘಾಟಿಸಲಾಯಿತು. ಕಾರ್ಯಕ್ರಮದಲ್ಲಿ ಮಾತನಾಡಿದ ಗಣ್ಯರು, ಯುವಜನತೆ ಮಾದಕ ವಸ್ತುಗಳ ವ್ಯಸನದಿಂದ ದೂರವಿರಬೇಕು. ಆರೋಗ್ಯಕರ ಸಮಾಜ ನಿರ್ಮಾಣಕ್ಕೆ ಎಲ್ಲರೂ ಕೈಜೋಡಿಸಬೇಕು ಎಂದು ಕರೆ ನೀಡಿದರು. ರಾಜ್ಯದ ವಿವಿಧ ಜಿಲ್ಲೆಗಳಿಂದ ಆಗಮಿಸಿದ ಪ್ರತಿನಿಧಿಗಳು ಭಾಗವಹಿಸಿದ್ದರು.

ರಾಷ್ಟ್ರೀಯ ಸಂಯೋಜಕರಾದ ಬ್ರಹ್ಮಕುಮಾರಿ ಅವರು ಮಾತನಾಡಿ, ವ್ಯಸನ ಮುಕ್ತ ಭಾರತ ನಿರ್ಮಾಣವೇ ಅಭಿಯಾನದ ಉದ್ದೇಶವಾಗಿದೆ ಎಂದರು. ಸಮಾರಂಭದಲ್ಲಿ ಜಿಲ್ಲಾ ಮಟ್ಟದ ಅಧಿಕಾರಿಗಳು, ಸಮಾಜ ಸೇವಕರು ಹಾಗೂ ಬ್ರಹ್ಮಕುಮಾರೀಸ್ ಸಂಸ್ಥೆಯ ಸದಸ್ಯರು ಉಪಸ್ಥಿತರಿದ್ದರು. ಕಾರ್ಯಾಗಾರದಲ್ಲಿ ರಾಜಯೋಗ ಧ್ಯಾನ, ಜೀವನ ಕೌಶಲ್ಯ ಕುರಿತು ತರಬೇತಿ ನೀಡಲಾಯಿತು.

ಕಾರ್ಯಕ್ರಮದಲ್ಲಿ ರಾಜಯೋಗಿನಿ ಬ್ರಹ್ಮಕುಮಾರಿ ಸಹೋದರಿಯರು, ಜಿಲ್ಲೆಯ ಗಣ್ಯರು ಹಾಗೂ ಸಾರ್ವಜನಿಕರು ದೀಪ ಬೆಳಗಿಸುವ ಮೂಲಕ ಕಾರ್ಯಾಗಾರಕ್ಕೆ ಚಾಲನೆ ನೀಡಿದರು. ಮಾದಕ ವ್ಯಸನ ಮುಕ್ತ ಸಮಾಜ ನಿರ್ಮಾಣದ ಪ್ರತಿಜ್ಞೆ ಸ್ವೀಕರಿಸಲಾಯಿತು.
